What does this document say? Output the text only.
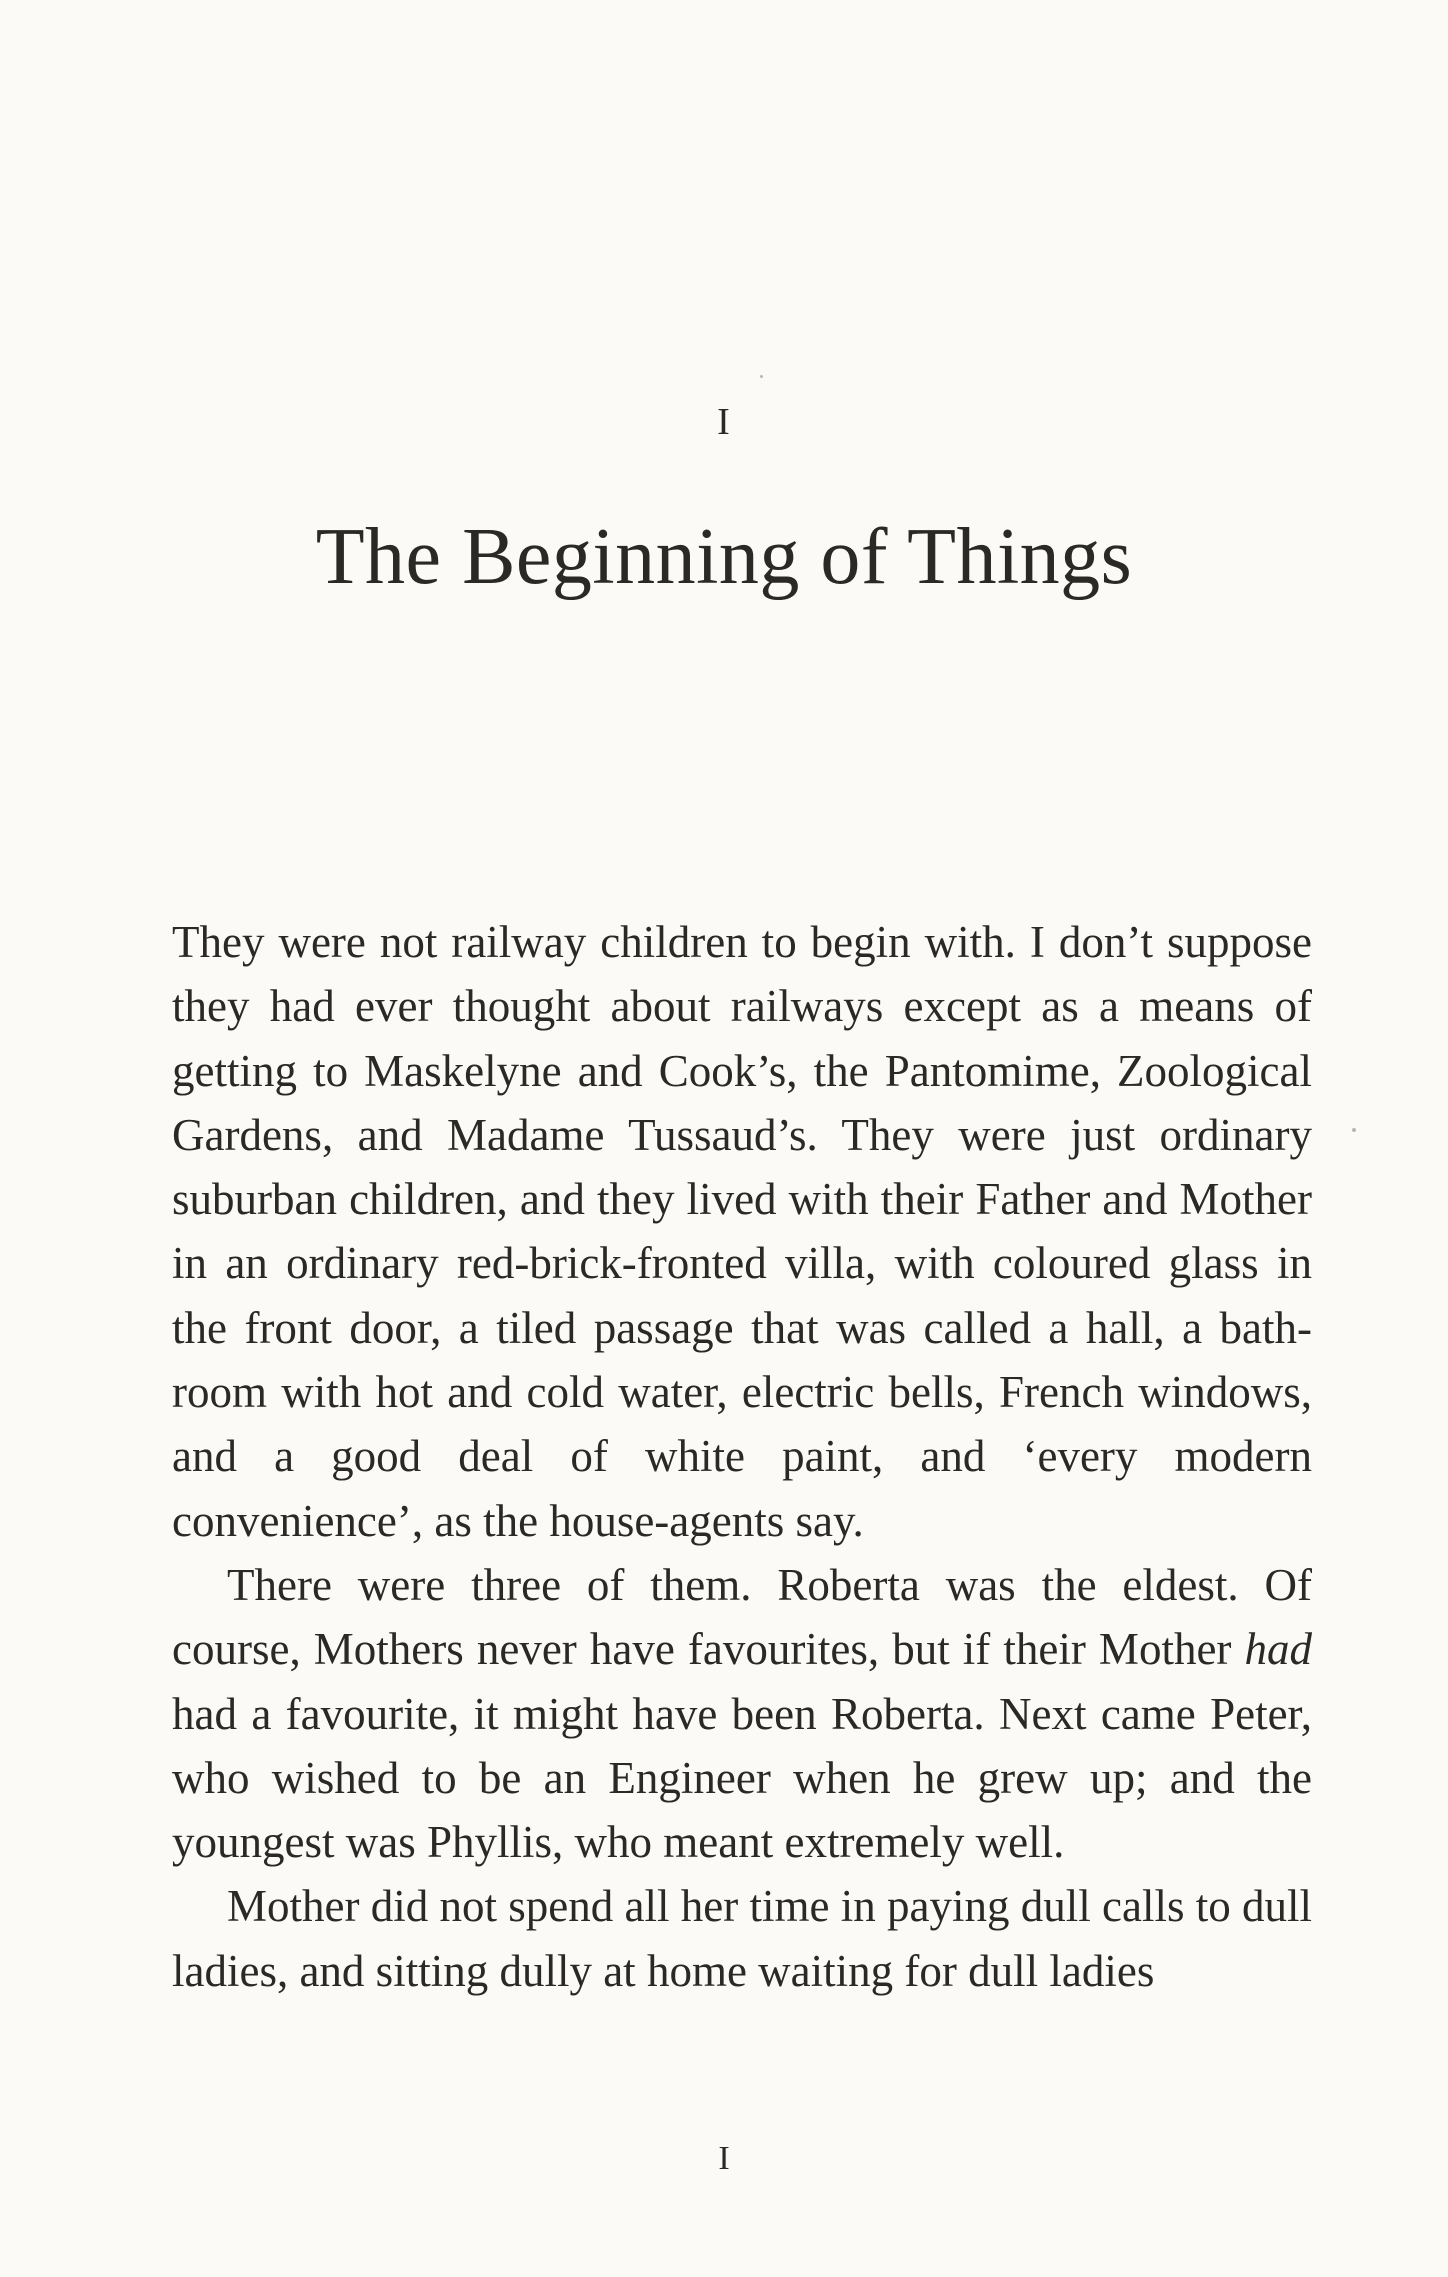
I
The Beginning of Things

They were not railway children to begin with. I don’t suppose they had ever thought about railways except as a means of getting to Maskelyne and Cook’s, the Pantomime, Zoological Gardens, and Madame Tussaud’s. They were just ordinary suburban children, and they lived with their Father and Mother in an ordinary red-brick-fronted villa, with coloured glass in the front door, a tiled passage that was called a hall, a bath-room with hot and cold water, electric bells, French windows, and a good deal of white paint, and ‘every modern convenience’, as the house-agents say.

There were three of them. Roberta was the eldest. Of course, Mothers never have favourites, but if their Mother had had a favourite, it might have been Roberta. Next came Peter, who wished to be an Engineer when he grew up; and the youngest was Phyllis, who meant extremely well.

Mother did not spend all her time in paying dull calls to dull ladies, and sitting dully at home waiting for dull ladies

I
